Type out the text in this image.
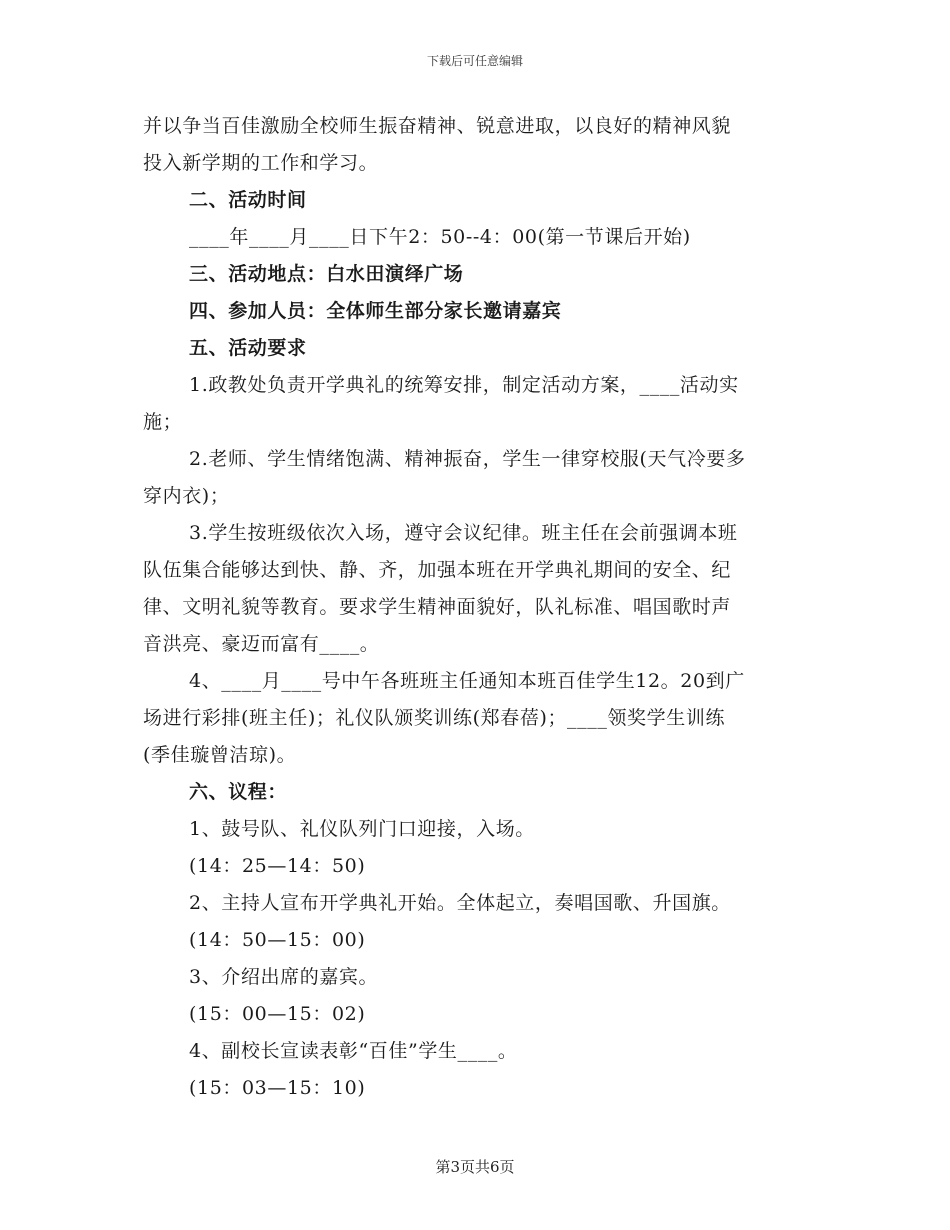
下载后可任意编辑
并以争当百佳激励全校师生振奋精神、锐意进取，以良好的精神风貌
投入新学期的工作和学习。
二、活动时间
____年____月____日下午2：50--4：00(第一节课后开始)
三、活动地点：白水田演绎广场
四、参加人员：全体师生部分家长邀请嘉宾
五、活动要求
1.政教处负责开学典礼的统筹安排，制定活动方案，____活动实
施；
2.老师、学生情绪饱满、精神振奋，学生一律穿校服(天气冷要多
穿内衣)；
3.学生按班级依次入场，遵守会议纪律。班主任在会前强调本班
队伍集合能够达到快、静、齐，加强本班在开学典礼期间的安全、纪
律、文明礼貌等教育。要求学生精神面貌好，队礼标准、唱国歌时声
音洪亮、豪迈而富有____。
4、____月____号中午各班班主任通知本班百佳学生12。20到广
场进行彩排(班主任)；礼仪队颁奖训练(郑春蓓)；____领奖学生训练
(季佳璇曾洁琼)。
六、议程：
1、鼓号队、礼仪队列门口迎接，入场。
(14：25—14：50)
2、主持人宣布开学典礼开始。全体起立，奏唱国歌、升国旗。
(14：50—15：00)
3、介绍出席的嘉宾。
(15：00—15：02)
4、副校长宣读表彰“百佳”学生____。
(15：03—15：10)
第3页共6页
